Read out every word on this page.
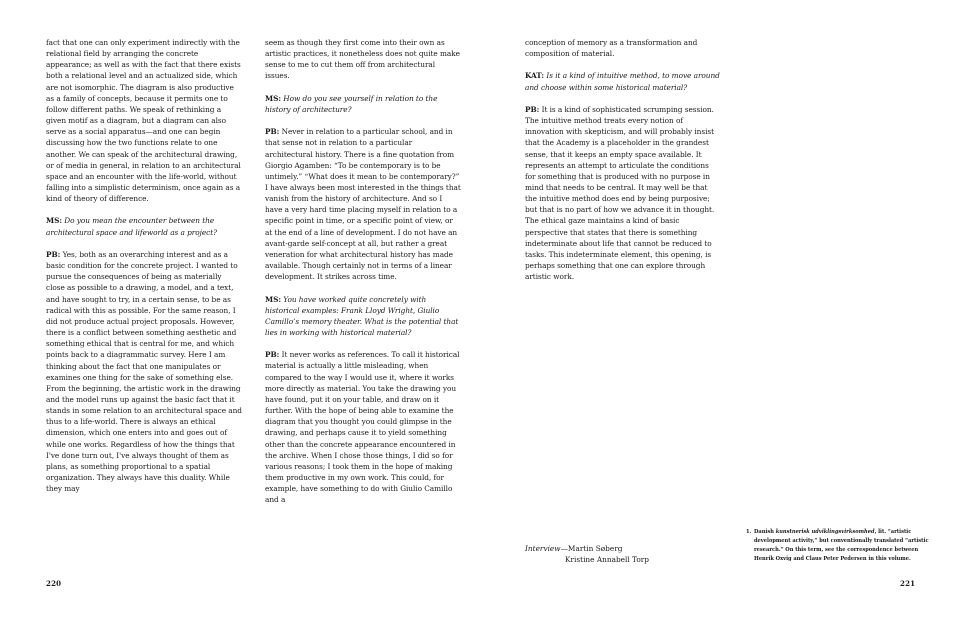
fact that one can only experiment indirectly with the relational field by arranging the concrete appearance; as well as with the fact that there exists both a relational level and an actualized side, which are not isomorphic. The diagram is also productive as a family of concepts, because it permits one to follow different paths. We speak of rethinking a given motif as a diagram, but a diagram can also serve as a social apparatus—and one can begin discussing how the two functions relate to one another. We can speak of the architectural drawing, or of media in general, in relation to an architectural space and an encounter with the life-world, without falling into a simplistic determinism, once again as a kind of theory of difference.

MS: Do you mean the encounter between the architectural space and lifeworld as a project?

PB: Yes, both as an overarching interest and as a basic condition for the concrete project. I wanted to pursue the consequences of being as materially close as possible to a drawing, a model, and a text, and have sought to try, in a certain sense, to be as radical with this as possible. For the same reason, I did not produce actual project proposals. However, there is a conflict between something aesthetic and something ethical that is central for me, and which points back to a diagrammatic survey. Here I am thinking about the fact that one manipulates or examines one thing for the sake of something else. From the beginning, the artistic work in the drawing and the model runs up against the basic fact that it stands in some relation to an architectural space and thus to a life-world. There is always an ethical dimension, which one enters into and goes out of while one works. Regardless of how the things that I've done turn out, I've always thought of them as plans, as something proportional to a spatial organization. They always have this duality. While they may

seem as though they first come into their own as artistic practices, it nonetheless does not quite make sense to me to cut them off from architectural issues.

MS: How do you see yourself in relation to the history of architecture?

PB: Never in relation to a particular school, and in that sense not in relation to a particular architectural history. There is a fine quotation from Giorgio Agamben: “To be contemporary is to be untimely.” “What does it mean to be contemporary?” I have always been most interested in the things that vanish from the history of architecture. And so I have a very hard time placing myself in relation to a specific point in time, or a specific point of view, or at the end of a line of development. I do not have an avant-garde self-concept at all, but rather a great veneration for what architectural history has made available. Though certainly not in terms of a linear development. It strikes across time.

MS: You have worked quite concretely with historical examples: Frank Lloyd Wright, Giulio Camillo’s memory theater. What is the potential that lies in working with historical material?

PB: It never works as references. To call it historical material is actually a little misleading, when compared to the way I would use it, where it works more directly as material. You take the drawing you have found, put it on your table, and draw on it further. With the hope of being able to examine the diagram that you thought you could glimpse in the drawing, and perhaps cause it to yield something other than the concrete appearance encountered in the archive. When I chose those things, I did so for various reasons; I took them in the hope of making them productive in my own work. This could, for example, have something to do with Giulio Camillo and a

conception of memory as a transformation and composition of material.

KAT: Is it a kind of intuitive method, to move around and choose within some historical material?

PB: It is a kind of sophisticated scrumping session. The intuitive method treats every notion of innovation with skepticism, and will probably insist that the Academy is a placeholder in the grandest sense, that it keeps an empty space available. It represents an attempt to articulate the conditions for something that is produced with no purpose in mind that needs to be central. It may well be that the intuitive method does end by being purposive; but that is no part of how we advance it in thought. The ethical gaze maintains a kind of basic perspective that states that there is something indeterminate about life that cannot be reduced to tasks. This indeterminate element, this opening, is perhaps something that one can explore through artistic work.

Interview—Martin Søberg
Kristine Annabell Torp
1. Danish kunstnerisk udviklingsvirksomhed, lit. “artistic development activity,” but conventionally translated “artistic research.” On this term, see the correspondence between Henrik Oxvig and Claus Peter Pedersen in this volume.
220	221
